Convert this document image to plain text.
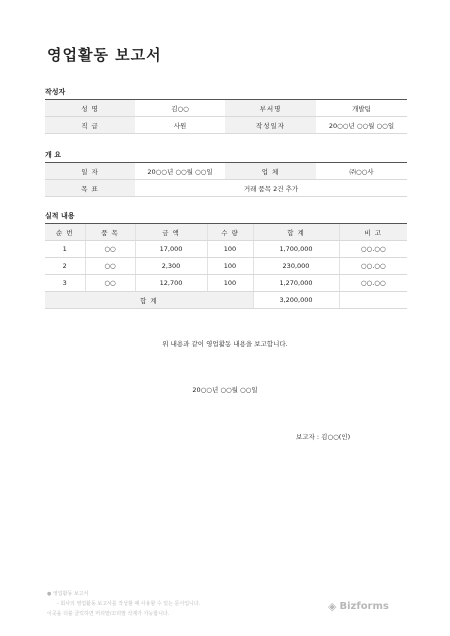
영업활동 보고서
작성자
성 명	김○○	부서명	개발팀
직 급	사원	작성일자	20○○년 ○○월 ○○일
개 요
일 자	20○○년 ○○월 ○○일	업 체	㈜○○사
목 표	거래 품목 2건 추가		
실적 내용
순 번	품 목	금 액	수 량	합 계	비 고
1	○○	17,000	100	1,700,000	○○.○○
2	○○	2,300	100	230,000	○○.○○
3	○○	12,700	100	1,270,000	○○.○○
합 계				3,200,000	
위 내용과 같이 영업활동 내용을 보고합니다.
20○○년 ○○월 ○○일
보고자 : 김○○(인)
● 영업활동 보고서
- 회사의 영업활동 보고서를 작성할 때 사용할 수 있는 문서입니다.
이곳을 더블 클릭하면 머리말/꼬리말 삭제가 가능합니다.
◈ Bizforms
